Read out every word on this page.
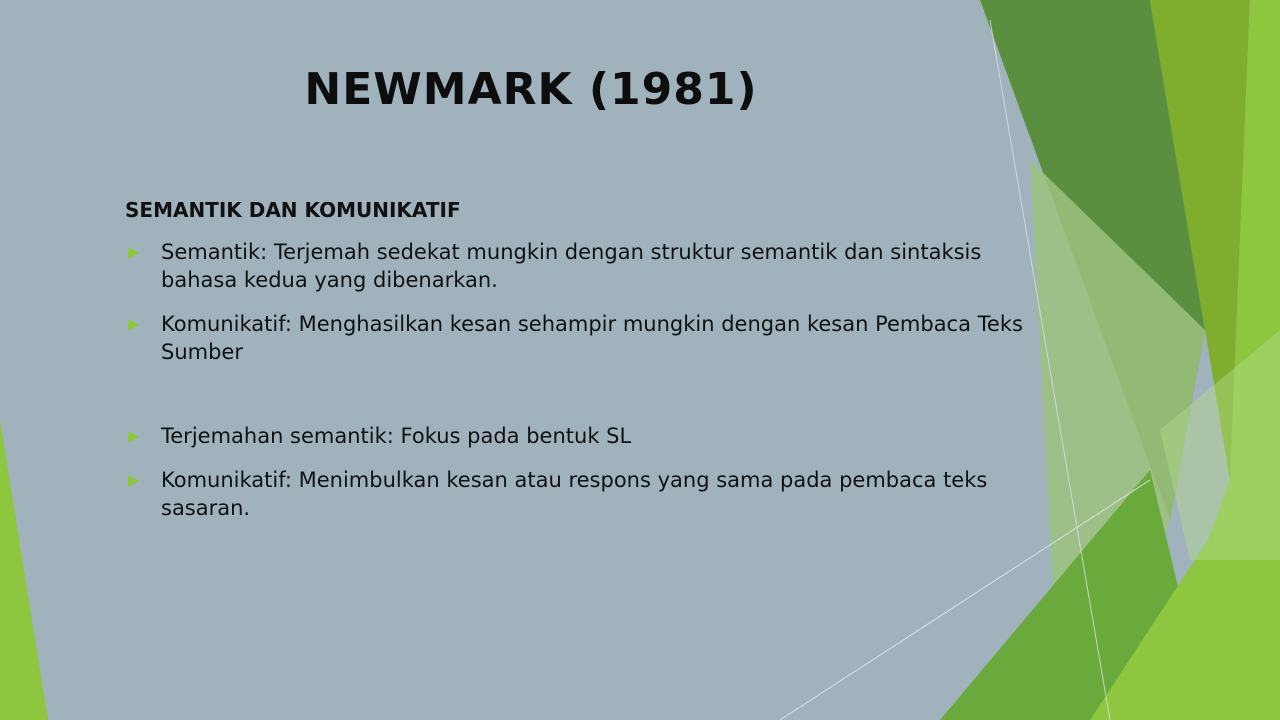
NEWMARK (1981)
SEMANTIK DAN KOMUNIKATIF
Semantik: Terjemah sedekat mungkin dengan struktur semantik dan sintaksis bahasa kedua yang dibenarkan.
Komunikatif: Menghasilkan kesan sehampir mungkin dengan kesan Pembaca Teks Sumber
Terjemahan semantik: Fokus pada bentuk SL
Komunikatif: Menimbulkan kesan atau respons yang sama pada pembaca teks sasaran.
